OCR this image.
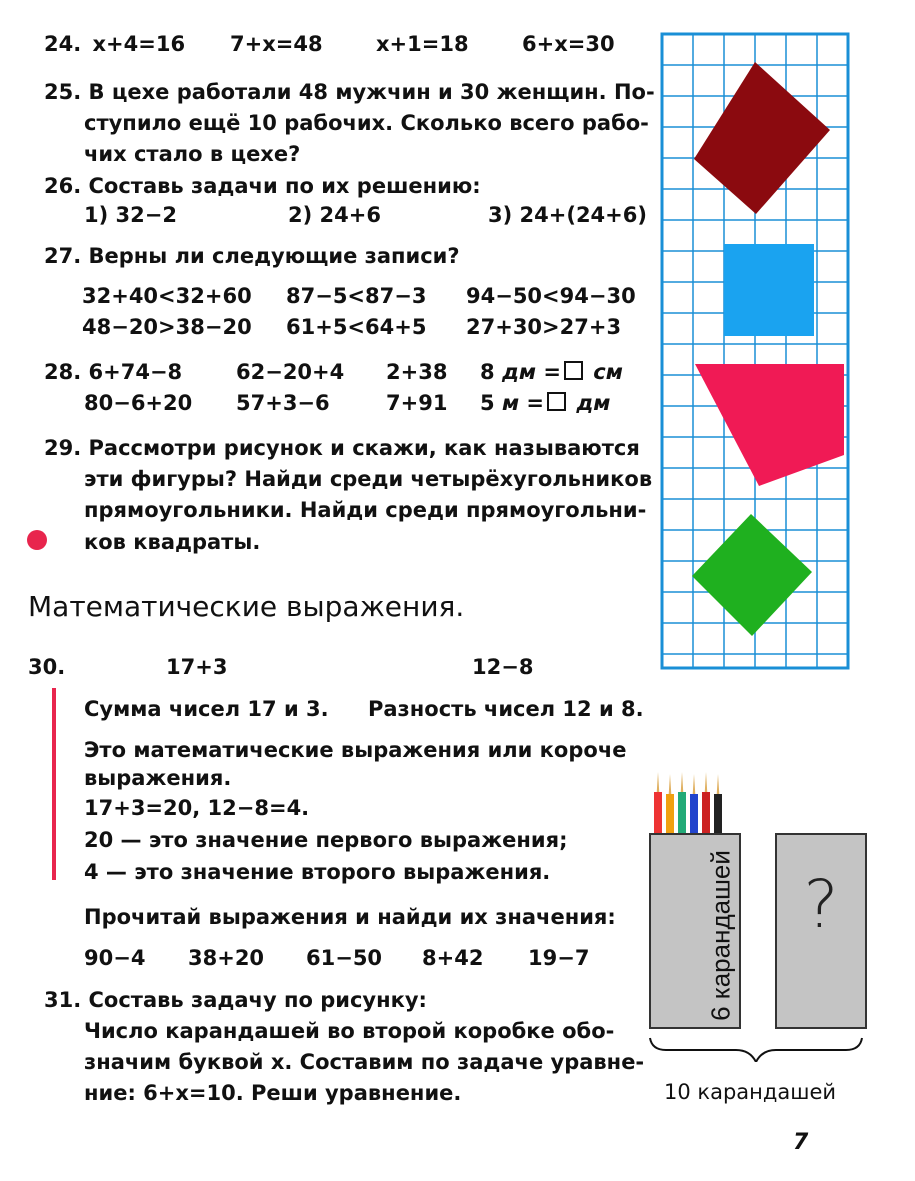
24. x+4=16 7+x=48	x+1=18	6+x=30
25. В цехе работали 48 мужчин и 30 женщин. По-
ступило ещё 10 рабочих. Сколько всего рабо-
чих стало в цехе?
26. Составь задачи по их решению:
1) 32−2	2) 24+6	3) 24+(24+6)
27. Верны ли следующие записи?
32+40<32+60 87−5<87−3 94−50<94−30
48−20>38−20 61+5<64+5 27+30>27+3
28. 6+74−8	62−20+4 2+38 8 дм = см
80−6+20 57+3−6	7+91 5 м = дм
29. Рассмотри рисунок и скажи, как называются
эти фигуры? Найди среди четырёхугольников
прямоугольники. Найди среди прямоугольни-
ков квадраты.
Математические выражения.
30.	17+3	12−8
Сумма чисел 17 и 3. Разность чисел 12 и 8.
Это математические выражения или короче
выражения.
17+3=20, 12−8=4.
20 — это значение первого выражения;
4 — это значение второго выражения.
Прочитай выражения и найди их значения:
90−4 38+20 61−50 8+42 19−7
31. Составь задачу по рисунку:
Число карандашей во второй коробке обо-
значим буквой x. Составим по задаче уравне-
ние: 6+x=10. Реши уравнение.
6 карандашей	?
10 карандашей
7
